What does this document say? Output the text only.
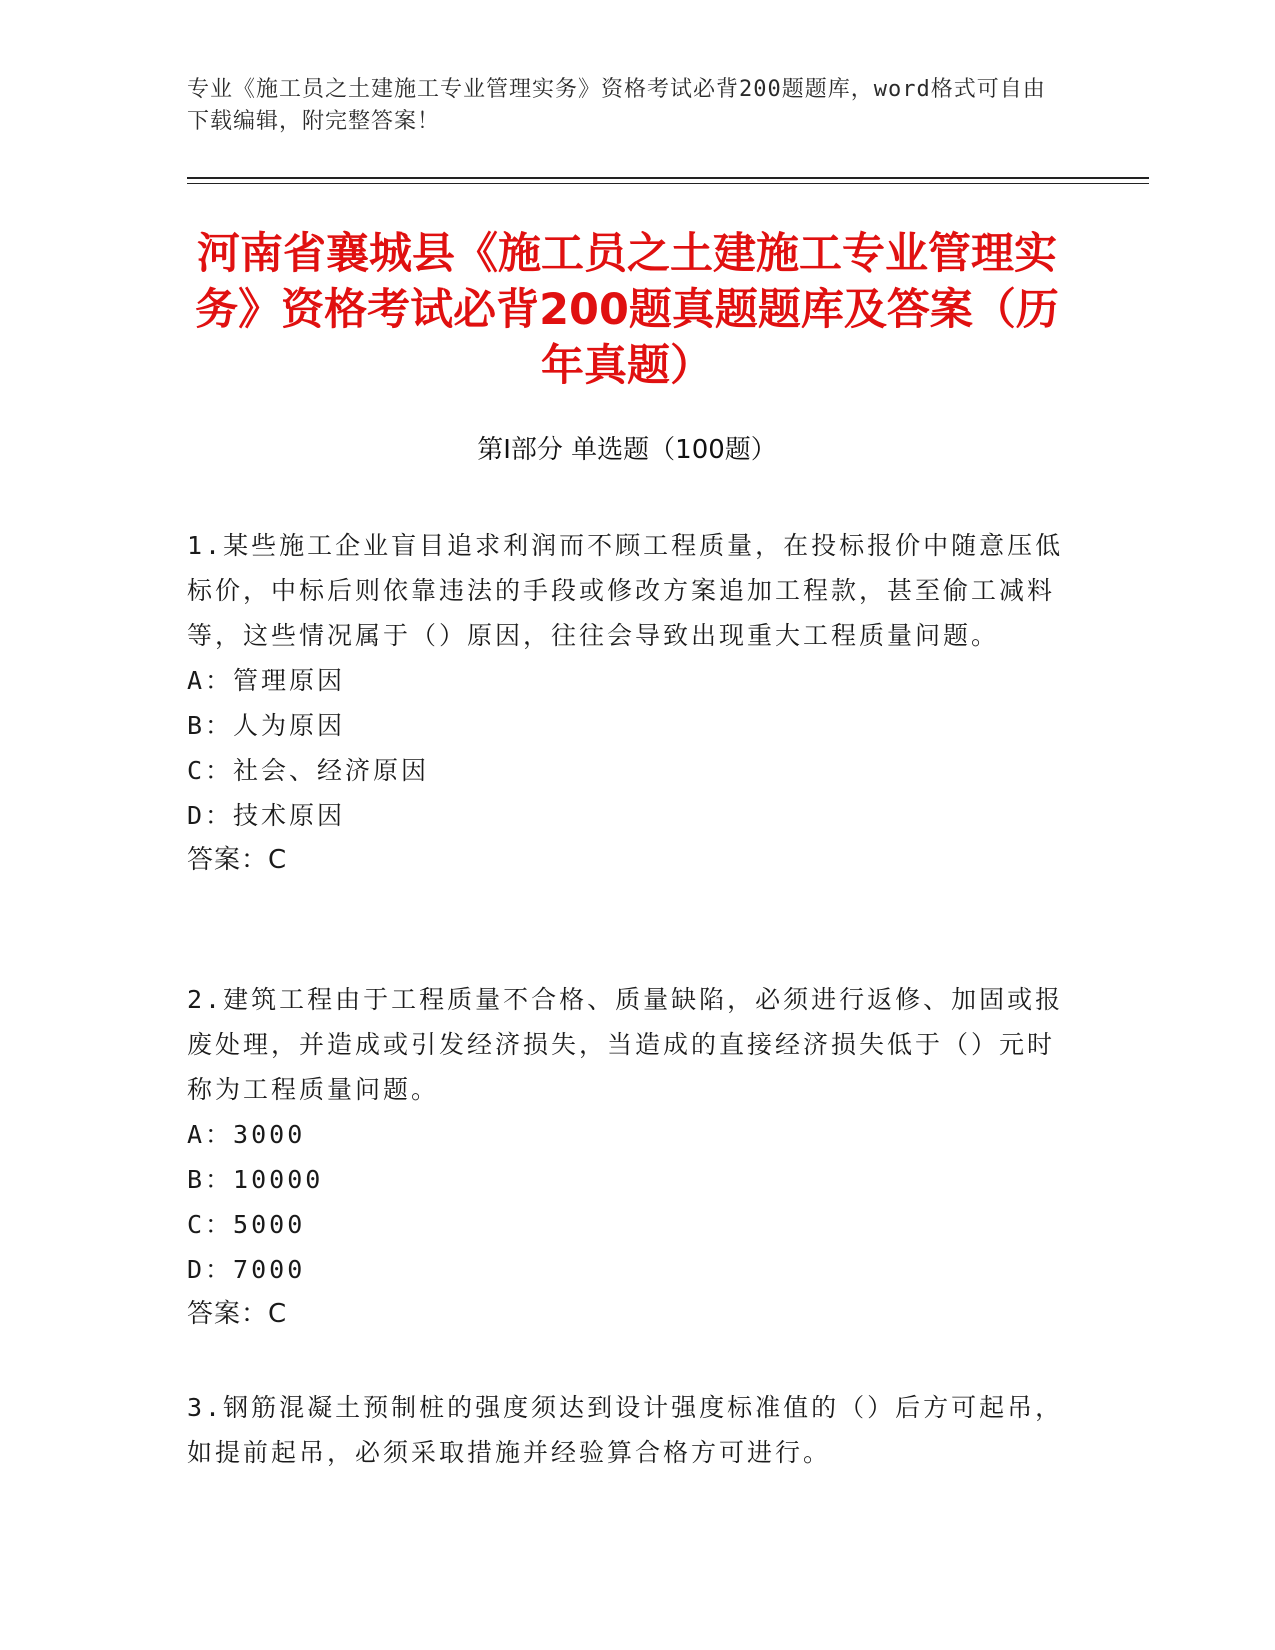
专业《施工员之土建施工专业管理实务》资格考试必背200题题库，word格式可自由下载编辑，附完整答案！
河南省襄城县《施工员之土建施工专业管理实务》资格考试必背200题真题题库及答案（历年真题）
第I部分 单选题（100题）
1.某些施工企业盲目追求利润而不顾工程质量，在投标报价中随意压低标价，中标后则依靠违法的手段或修改方案追加工程款，甚至偷工减料等，这些情况属于（）原因，往往会导致出现重大工程质量问题。
A：管理原因
B：人为原因
C：社会、经济原因
D：技术原因
答案：C
2.建筑工程由于工程质量不合格、质量缺陷，必须进行返修、加固或报废处理，并造成或引发经济损失，当造成的直接经济损失低于（）元时称为工程质量问题。
A：3000
B：10000
C：5000
D：7000
答案：C
3.钢筋混凝土预制桩的强度须达到设计强度标准值的（）后方可起吊，如提前起吊，必须采取措施并经验算合格方可进行。
